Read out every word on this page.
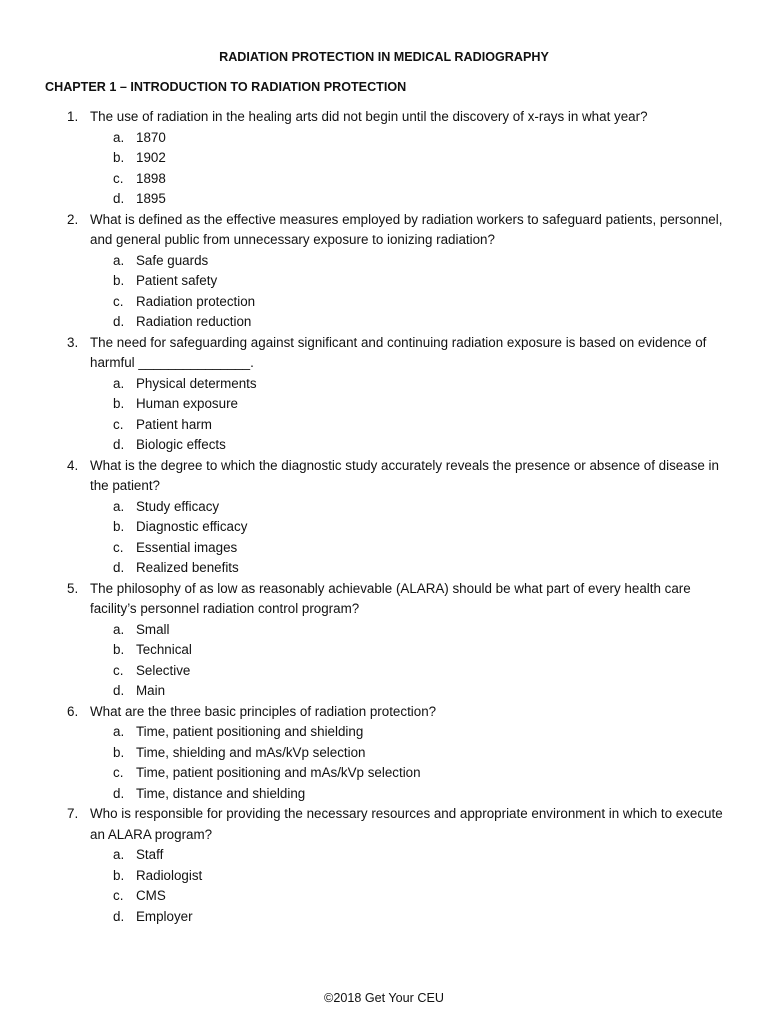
RADIATION PROTECTION IN MEDICAL RADIOGRAPHY
CHAPTER 1 – INTRODUCTION TO RADIATION PROTECTION
1. The use of radiation in the healing arts did not begin until the discovery of x-rays in what year?
a. 1870
b. 1902
c. 1898
d. 1895
2. What is defined as the effective measures employed by radiation workers to safeguard patients, personnel, and general public from unnecessary exposure to ionizing radiation?
a. Safe guards
b. Patient safety
c. Radiation protection
d. Radiation reduction
3. The need for safeguarding against significant and continuing radiation exposure is based on evidence of harmful _______________.
a. Physical determents
b. Human exposure
c. Patient harm
d. Biologic effects
4. What is the degree to which the diagnostic study accurately reveals the presence or absence of disease in the patient?
a. Study efficacy
b. Diagnostic efficacy
c. Essential images
d. Realized benefits
5. The philosophy of as low as reasonably achievable (ALARA) should be what part of every health care facility’s personnel radiation control program?
a. Small
b. Technical
c. Selective
d. Main
6. What are the three basic principles of radiation protection?
a. Time, patient positioning and shielding
b. Time, shielding and mAs/kVp selection
c. Time, patient positioning and mAs/kVp selection
d. Time, distance and shielding
7. Who is responsible for providing the necessary resources and appropriate environment in which to execute an ALARA program?
a. Staff
b. Radiologist
c. CMS
d. Employer
©2018 Get Your CEU
